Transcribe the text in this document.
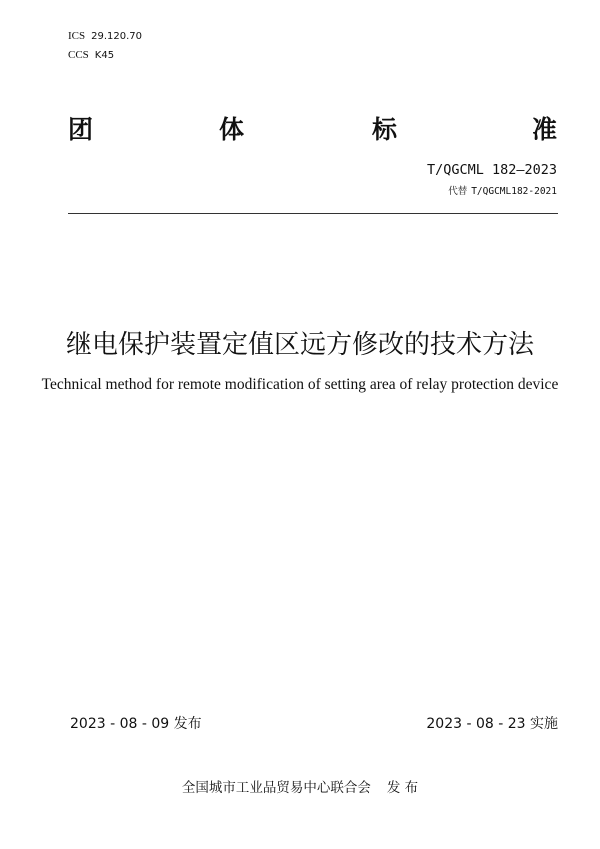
ICS 29.120.70
CCS K45
团	体	标	准
T/QGCML 182—2023
代替 T/QGCML182-2021
继电保护装置定值区远方修改的技术方法
Technical method for remote modification of setting area of relay protection device
2023 - 08 - 09 发布	2023 - 08 - 23 实施
全国城市工业品贸易中心联合会 发 布
